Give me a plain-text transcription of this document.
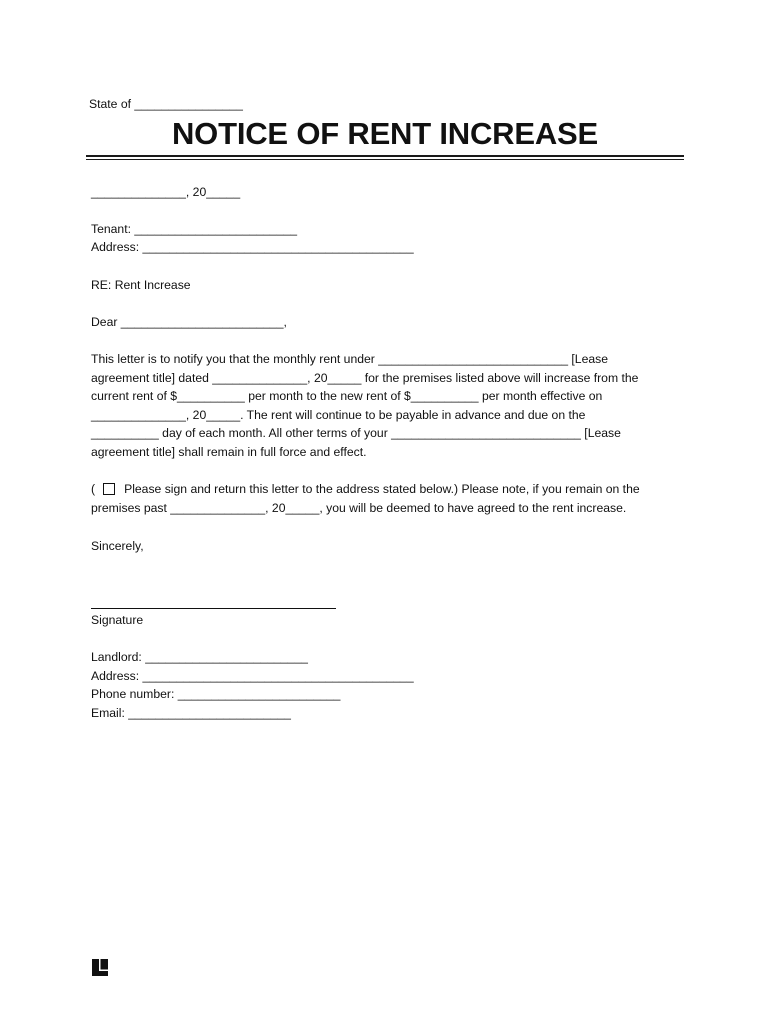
State of ________________
NOTICE OF RENT INCREASE
______________, 20_____
Tenant: ________________________
Address: ________________________________________
RE: Rent Increase
Dear ________________________,
This letter is to notify you that the monthly rent under ____________________________ [Lease
agreement title] dated ______________, 20_____ for the premises listed above will increase from the
current rent of $__________ per month to the new rent of $__________ per month effective on
______________, 20_____. The rent will continue to be payable in advance and due on the
__________ day of each month. All other terms of your ____________________________ [Lease
agreement title] shall remain in full force and effect.
( Please sign and return this letter to the address stated below.) Please note, if you remain on the
premises past ______________, 20_____, you will be deemed to have agreed to the rent increase.
Sincerely,
Signature
Landlord: ________________________
Address: ________________________________________
Phone number: ________________________
Email: ________________________
